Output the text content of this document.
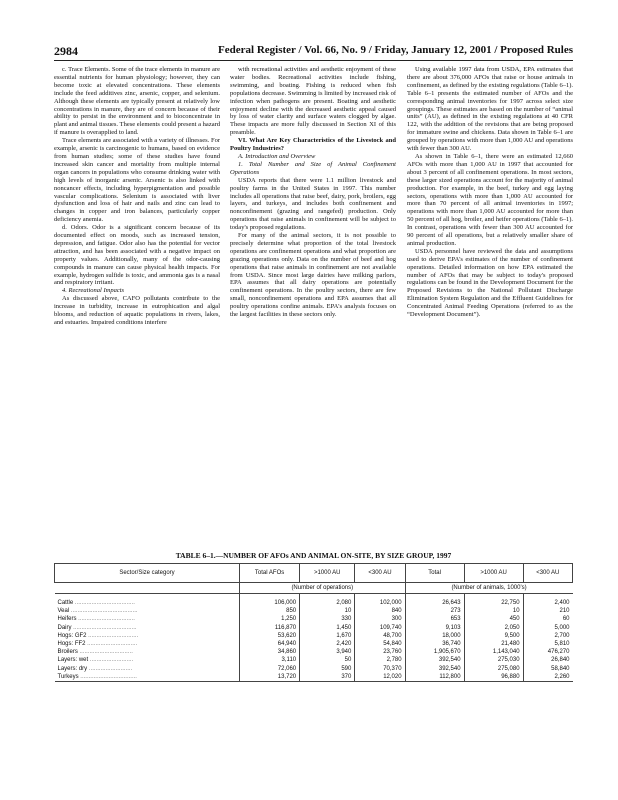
2984	Federal Register / Vol. 66, No. 9 / Friday, January 12, 2001 / Proposed Rules

c. Trace Elements. Some of the trace elements in manure are essential nutrients for human physiology; however, they can become toxic at elevated concentrations. These elements include the feed additives zinc, arsenic, copper, and selenium. Although these elements are typically present at relatively low concentrations in manure, they are of concern because of their ability to persist in the environment and to bioconcentrate in plant and animal tissues. These elements could present a hazard if manure is overapplied to land.

Trace elements are associated with a variety of illnesses. For example, arsenic is carcinogenic to humans, based on evidence from human studies; some of these studies have found increased skin cancer and mortality from multiple internal organ cancers in populations who consume drinking water with high levels of inorganic arsenic. Arsenic is also linked with noncancer effects, including hyperpigmentation and possible vascular complications. Selenium is associated with liver dysfunction and loss of hair and nails and zinc can lead to changes in copper and iron balances, particularly copper deficiency anemia.

d. Odors. Odor is a significant concern because of its documented effect on moods, such as increased tension, depression, and fatigue. Odor also has the potential for vector attraction, and has been associated with a negative impact on property values. Additionally, many of the odor-causing compounds in manure can cause physical health impacts. For example, hydrogen sulfide is toxic, and ammonia gas is a nasal and respiratory irritant.

4. Recreational Impacts

As discussed above, CAFO pollutants contribute to the increase in turbidity, increase in eutrophication and algal blooms, and reduction of aquatic populations in rivers, lakes, and estuaries. Impaired conditions interfere

with recreational activities and aesthetic enjoyment of these water bodies. Recreational activities include fishing, swimming, and boating. Fishing is reduced when fish populations decrease. Swimming is limited by increased risk of infection when pathogens are present. Boating and aesthetic enjoyment decline with the decreased aesthetic appeal caused by loss of water clarity and surface waters clogged by algae. These impacts are more fully discussed in Section XI of this preamble.

VI. What Are Key Characteristics of the Livestock and Poultry Industries?
A. Introduction and Overview
1. Total Number and Size of Animal Confinement Operations

USDA reports that there were 1.1 million livestock and poultry farms in the United States in 1997. This number includes all operations that raise beef, dairy, pork, broilers, egg layers, and turkeys, and includes both confinement and nonconfinement (grazing and rangefed) production. Only operations that raise animals in confinement will be subject to today's proposed regulations.

For many of the animal sectors, it is not possible to precisely determine what proportion of the total livestock operations are confinement operations and what proportion are grazing operations only. Data on the number of beef and hog operations that raise animals in confinement are not available from USDA. Since most large dairies have milking parlors, EPA assumes that all dairy operations are potentially confinement operations. In the poultry sectors, there are few small, nonconfinement operations and EPA assumes that all poultry operations confine animals. EPA's analysis focuses on the largest facilities in these sectors only.

Using available 1997 data from USDA, EPA estimates that there are about 376,000 AFOs that raise or house animals in confinement, as defined by the existing regulations (Table 6–1). Table 6–1 presents the estimated number of AFOs and the corresponding animal inventories for 1997 across select size groupings. These estimates are based on the number of “animal units” (AU), as defined in the existing regulations at 40 CFR 122, with the addition of the revisions that are being proposed for immature swine and chickens. Data shown in Table 6–1 are grouped by operations with more than 1,000 AU and operations with fewer than 300 AU.

As shown in Table 6–1, there were an estimated 12,660 AFOs with more than 1,000 AU in 1997 that accounted for about 3 percent of all confinement operations. In most sectors, these larger sized operations account for the majority of animal production. For example, in the beef, turkey and egg laying sectors, operations with more than 1,000 AU accounted for more than 70 percent of all animal inventories in 1997; operations with more than 1,000 AU accounted for more than 50 percent of all hog, broiler, and heifer operations (Table 6–1). In contrast, operations with fewer than 300 AU accounted for 90 percent of all operations, but a relatively smaller share of animal production.

USDA personnel have reviewed the data and assumptions used to derive EPA's estimates of the number of confinement operations. Detailed information on how EPA estimated the number of AFOs that may be subject to today's proposed regulations can be found in the Development Document for the Proposed Revisions to the National Pollutant Discharge Elimination System Regulation and the Effluent Guidelines for Concentrated Animal Feeding Operations (referred to as the “Development Document”).

TABLE 6–1.—NUMBER OF AFOs AND ANIMAL ON-SITE, BY SIZE GROUP, 1997
Sector/Size category	Total AFOs	>1000 AU	<300 AU	Total	>1000 AU	<300 AU
	(Number of operations)			(Number of animals, 1000's)		

Cattle ....................................	106,000	2,080	102,000	26,643	22,750	2,400
Veal ........................................	850	10	840	273	10	210
Heifers ..................................	1,250	330	300	653	450	60
Dairy ......................................	116,870	1,450	109,740	9,103	2,050	5,000
Hogs: GF2 ..............................	53,620	1,670	48,700	18,000	9,500	2,700
Hogs: FF2 ..............................	64,940	2,420	54,840	36,740	21,480	5,810
Broilers ................................	34,860	3,940	23,760	1,905,670	1,143,040	476,270
Layers: wet ..........................	3,110	50	2,780	392,540	275,030	26,840
Layers: dry ..........................	72,060	590	70,370	392,540	275,080	58,840
Turkeys ..................................	13,720	370	12,020	112,800	96,880	2,260
